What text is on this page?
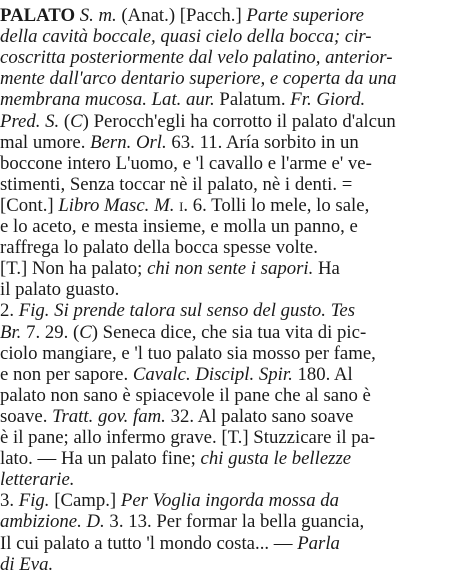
PALATO S. m. (Anat.) [Pacch.] Parte superiore
della cavità boccale, quasi cielo della bocca; cir-
coscritta posteriormente dal velo palatino, anterior-
mente dall'arco dentario superiore, e coperta da una
membrana mucosa. Lat. aur. Palatum. Fr. Giord.
Pred. S. (C) Perocch'egli ha corrotto il palato d'alcun
mal umore. Bern. Orl. 63. 11. Aría sorbito in un
boccone intero L'uomo, e 'l cavallo e l'arme e' ve-
stimenti, Senza toccar nè il palato, nè i denti. =
[Cont.] Libro Masc. M. i. 6. Tolli lo mele, lo sale,
e lo aceto, e mesta insieme, e molla un panno, e
raffrega lo palato della bocca spesse volte.
[T.] Non ha palato; chi non sente i sapori. Ha
il palato guasto.
2. Fig. Si prende talora sul senso del gusto. Tes
Br. 7. 29. (C) Seneca dice, che sia tua vita di pic-
ciolo mangiare, e 'l tuo palato sia mosso per fame,
e non per sapore. Cavalc. Discipl. Spir. 180. Al
palato non sano è spiacevole il pane che al sano è
soave. Tratt. gov. fam. 32. Al palato sano soave
è il pane; allo infermo grave. [T.] Stuzzicare il pa-
lato. — Ha un palato fine; chi gusta le bellezze
letterarie.
3. Fig. [Camp.] Per Voglia ingorda mossa da
ambizione. D. 3. 13. Per formar la bella guancia,
Il cui palato a tutto 'l mondo costa... — Parla
di Eva.
